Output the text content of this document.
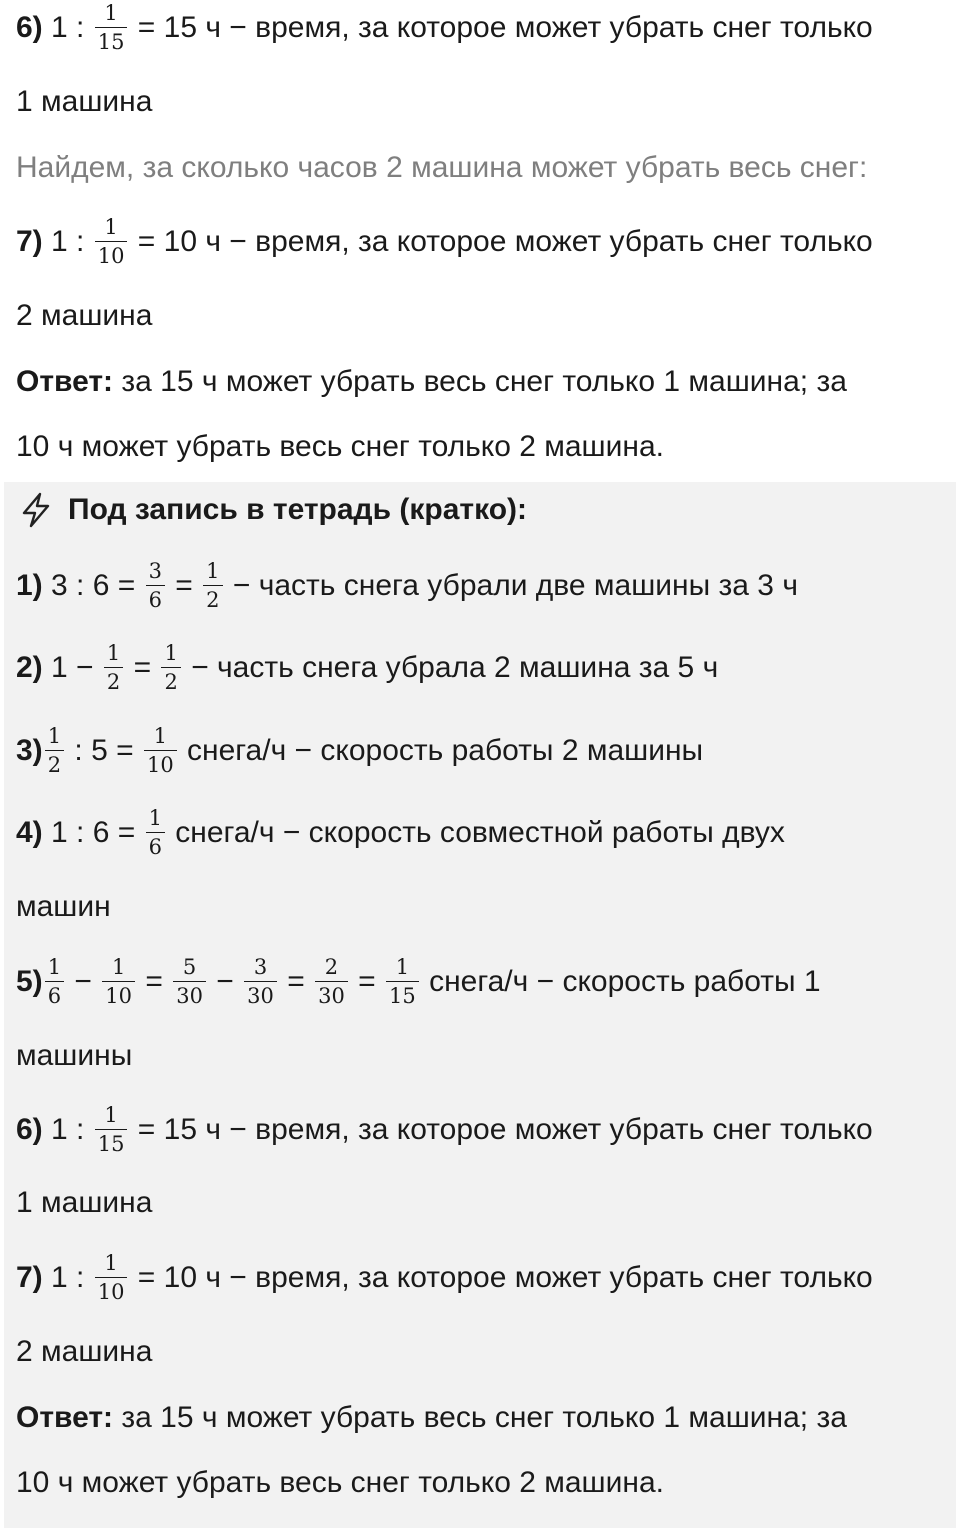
6) 1 : $\frac{1}{15} = 15$ ч − время, за которое может убрать снег только
1 машина
Найдем, за сколько часов 2 машина может убрать весь снег:
7) 1 : $\frac{1}{10} = 10$ ч − время, за которое может убрать снег только
2 машина
Ответ: за 15 ч может убрать весь снег только 1 машина; за
10 ч может убрать весь снег только 2 машина.
Под запись в тетрадь (кратко):
1) 3 : $6 = \frac{3}{6} = \frac{1}{2}$ − часть снега убрали две машины за 3 ч
2) $1 - \frac{1}{2} = \frac{1}{2}$ − часть снега убрала 2 машина за 5 ч
$3) \frac{1}{2}$ : $5 = \frac{1}{10}$ снега/ч − скорость работы 2 машины
4) 1 : $6 = \frac{1}{6}$ снега/ч − скорость совместной работы двух
машин
$5) \frac{1}{6} - \frac{1}{10} = \frac{5}{30} - \frac{3}{30} = \frac{2}{30} = \frac{1}{15}$ снега/ч − скорость работы 1
машины
6) 1 : $\frac{1}{15} = 15$ ч − время, за которое может убрать снег только
1 машина
7) 1 : $\frac{1}{10} = 10$ ч − время, за которое может убрать снег только
2 машина
Ответ: за 15 ч может убрать весь снег только 1 машина; за
10 ч может убрать весь снег только 2 машина.
